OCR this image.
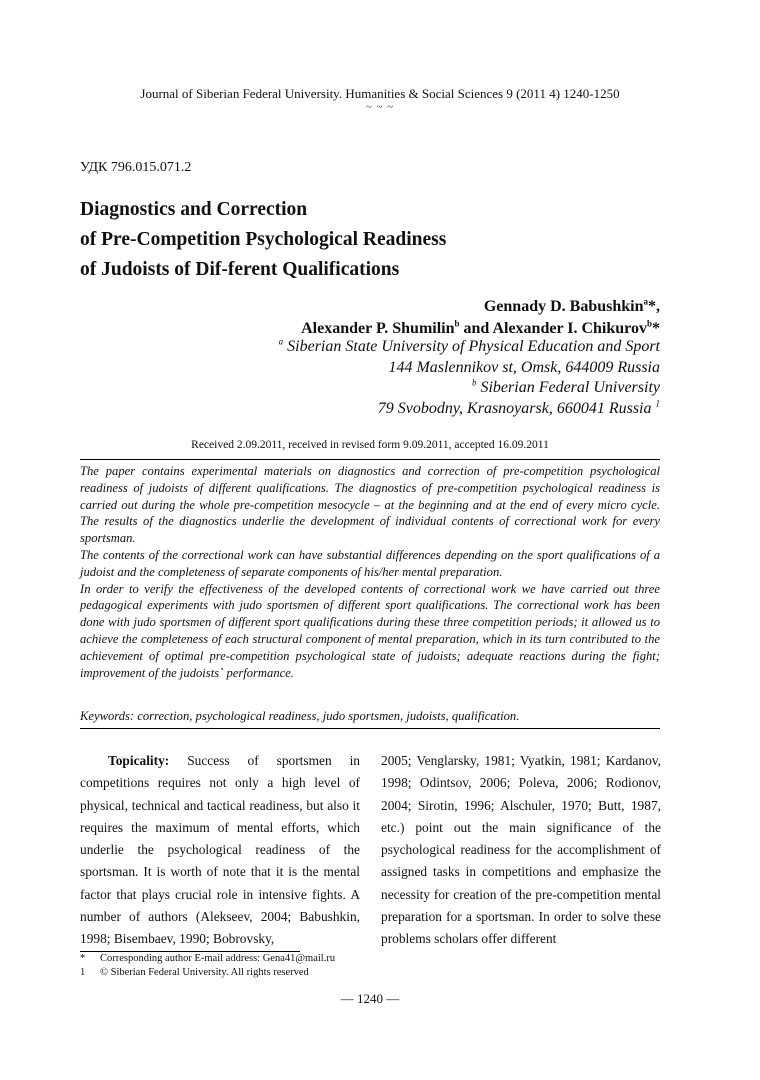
Journal of Siberian Federal University. Humanities & Social Sciences 9 (2011 4) 1240-1250
~ ~ ~
УДК 796.015.071.2
Diagnostics and Correction
of Pre-Competition Psychological Readiness
of Judoists of Dif-ferent Qualifications
Gennady D. Babushkin$^a$*,
Alexander P. Shumilin$^b$ and Alexander I. Chikurov$^b$*
$^a$ Siberian State University of Physical Education and Sport
144 Maslennikov st, Omsk, 644009 Russia
$^b$ Siberian Federal University
79 Svobodny, Krasnoyarsk, 660041 Russia $^1$
Received 2.09.2011, received in revised form 9.09.2011, accepted 16.09.2011

The paper contains experimental materials on diagnostics and correction of pre-competition psychological readiness of judoists of different qualifications. The diagnostics of pre-competition psychological readiness is carried out during the whole pre-competition mesocycle – at the beginning and at the end of every micro cycle. The results of the diagnostics underlie the development of individual contents of correctional work for every sportsman.

The contents of the correctional work can have substantial differences depending on the sport qualifications of a judoist and the completeness of separate components of his/her mental preparation.

In order to verify the effectiveness of the developed contents of correctional work we have carried out three pedagogical experiments with judo sportsmen of different sport qualifications. The correctional work has been done with judo sportsmen of different sport qualifications during these three competition periods; it allowed us to achieve the completeness of each structural component of mental preparation, which in its turn contributed to the achievement of optimal pre-competition psychological state of judoists; adequate reactions during the fight; improvement of the judoists` performance.

Keywords: correction, psychological readiness, judo sportsmen, judoists, qualification.

Topicality: Success of sportsmen in competitions requires not only a high level of physical, technical and tactical readiness, but also it requires the maximum of mental efforts, which underlie the psychological readiness of the sportsman. It is worth of note that it is the mental factor that plays crucial role in intensive fights. A number of authors (Alekseev, 2004; Babushkin, 1998; Bisembaev, 1990; Bobrovsky,

2005; Venglarsky, 1981; Vyatkin, 1981; Kardanov, 1998; Odintsov, 2006; Poleva, 2006; Rodionov, 2004; Sirotin, 1996; Alschuler, 1970; Butt, 1987, etc.) point out the main significance of the psychological readiness for the accomplishment of assigned tasks in competitions and emphasize the necessity for creation of the pre-competition mental preparation for a sportsman. In order to solve these problems scholars offer different

* Corresponding author E-mail address: Gena41@mail.ru
1 © Siberian Federal University. All rights reserved
— 1240 —
